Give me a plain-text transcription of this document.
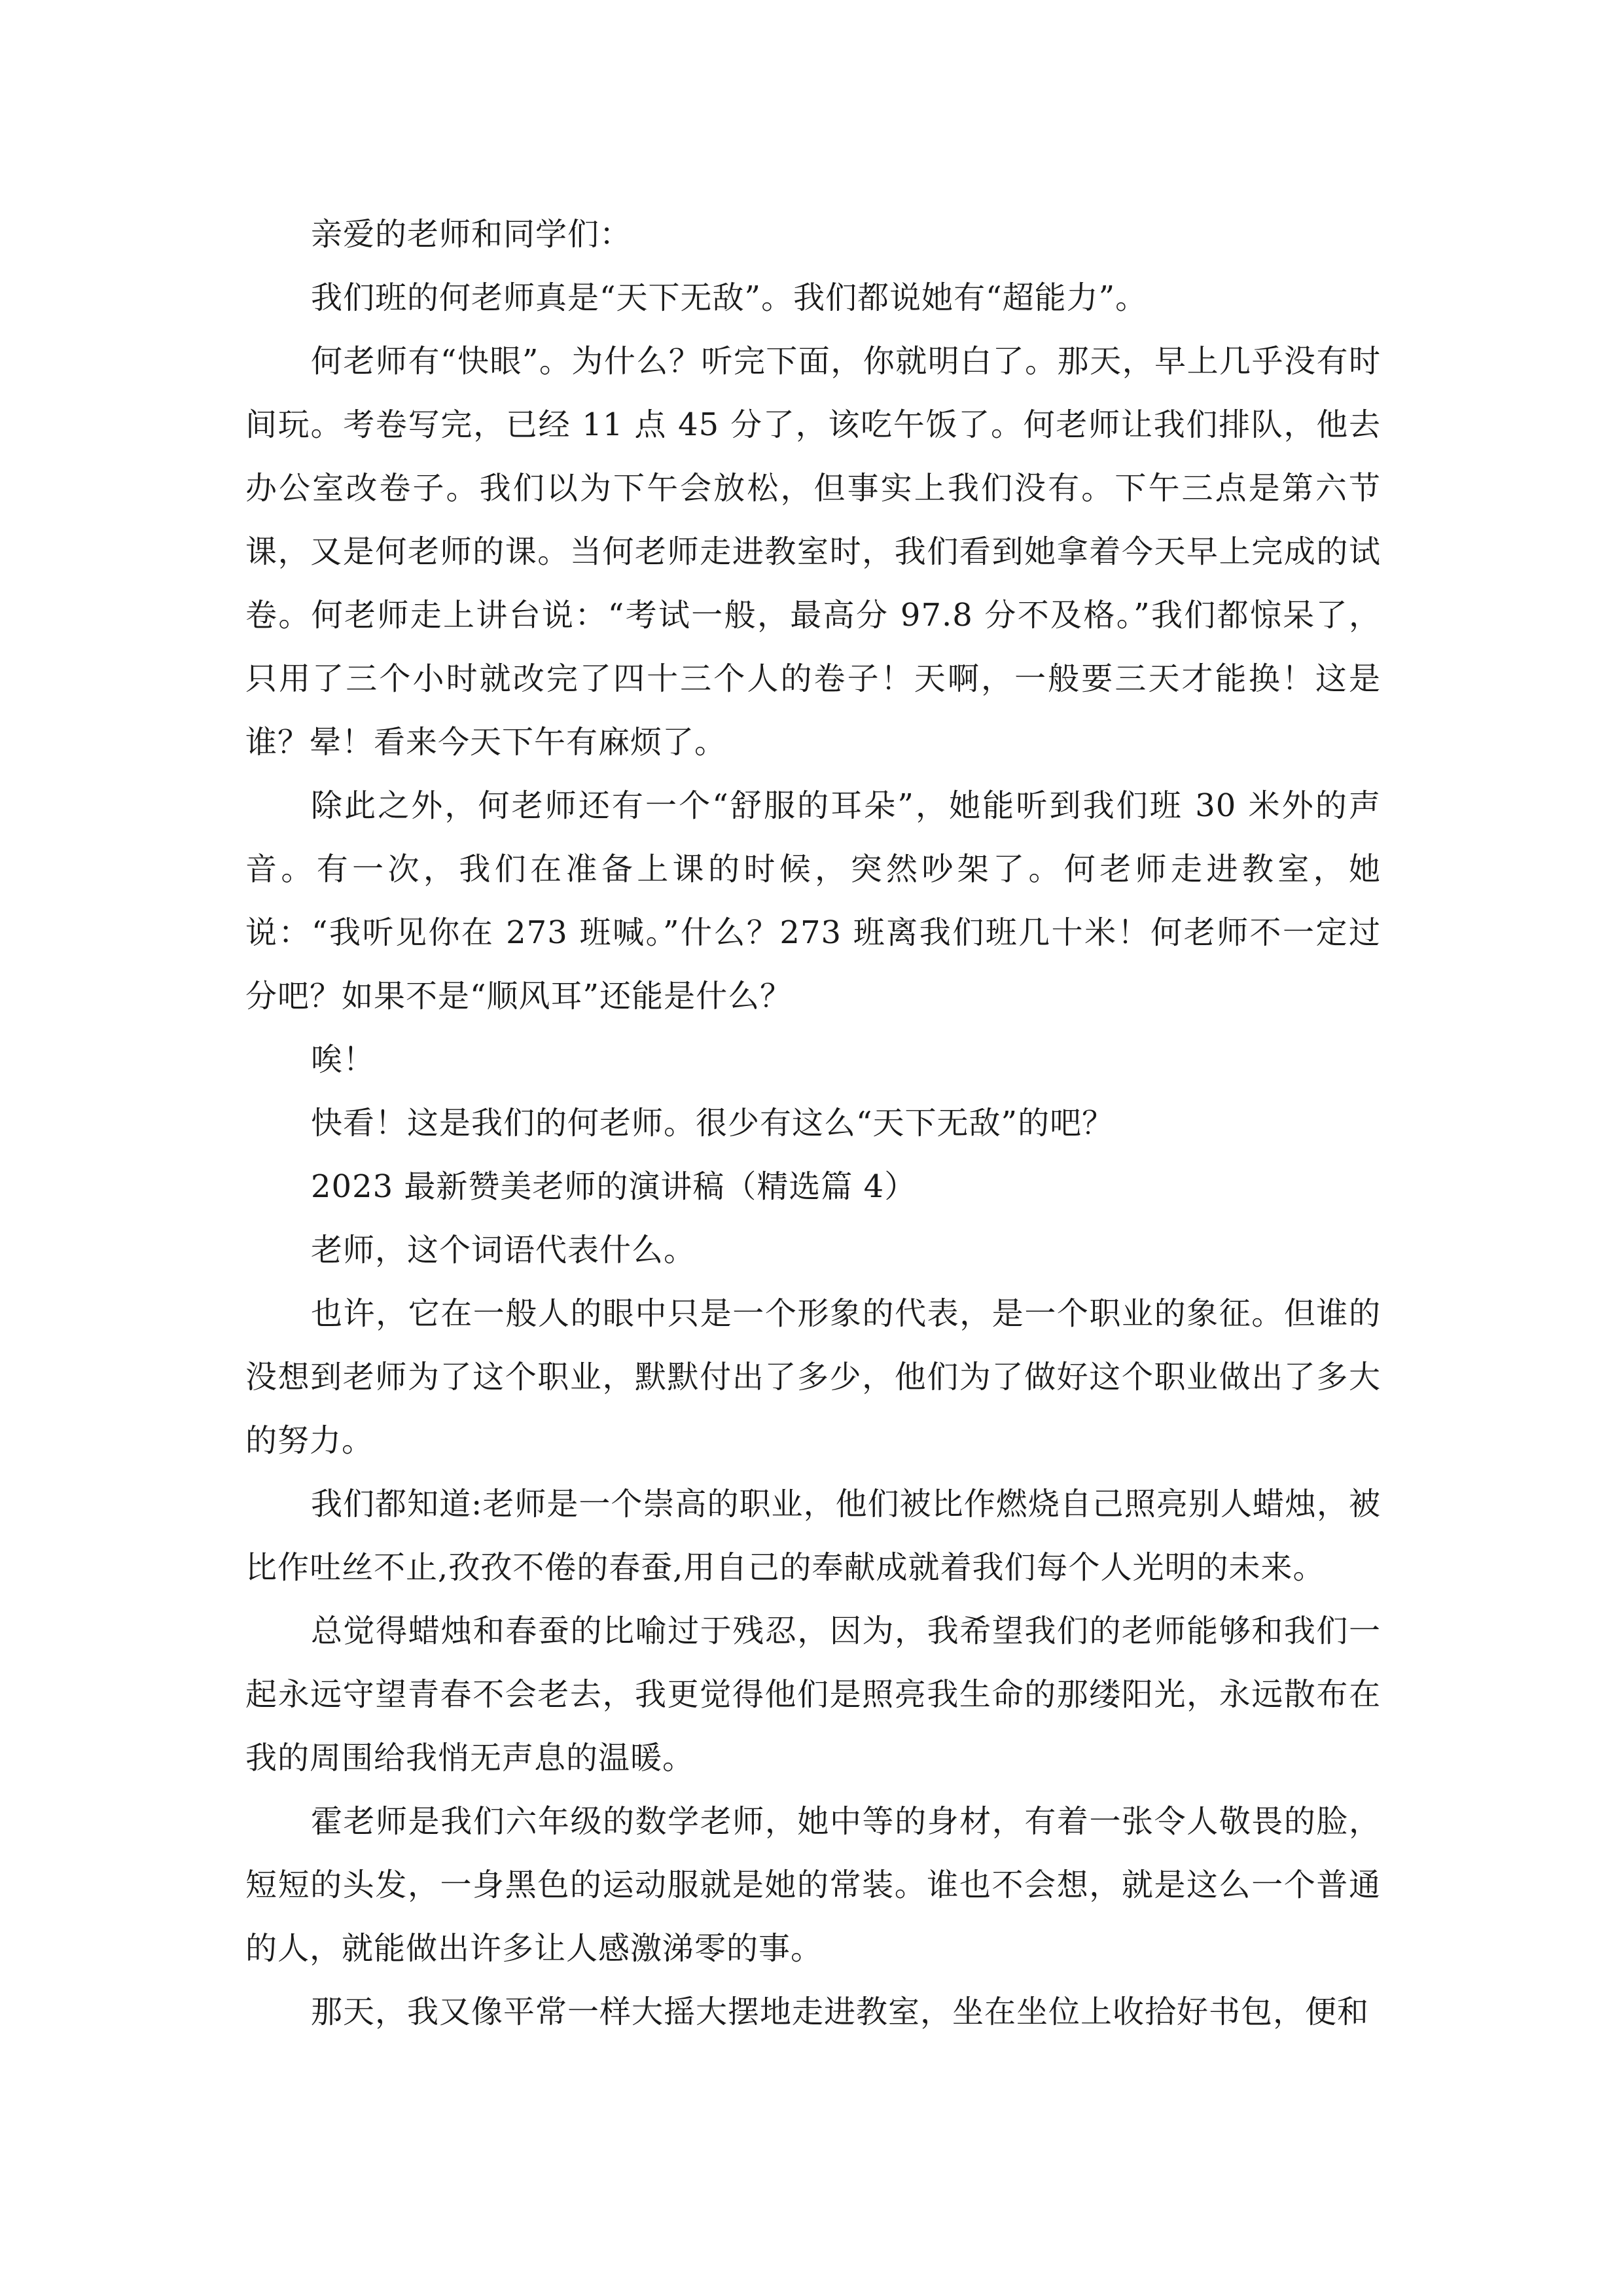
亲爱的老师和同学们：

我们班的何老师真是“天下无敌”。我们都说她有“超能力”。

何老师有“快眼”。为什么？听完下面，你就明白了。那天，早上几乎没有时间玩。考卷写完，已经 11 点 45 分了，该吃午饭了。何老师让我们排队，他去办公室改卷子。我们以为下午会放松，但事实上我们没有。下午三点是第六节课，又是何老师的课。当何老师走进教室时，我们看到她拿着今天早上完成的试卷。何老师走上讲台说：“考试一般，最高分 97.8 分不及格。”我们都惊呆了，只用了三个小时就改完了四十三个人的卷子！天啊，一般要三天才能换！这是谁？晕！看来今天下午有麻烦了。

除此之外，何老师还有一个“舒服的耳朵”，她能听到我们班 30 米外的声音。有一次，我们在准备上课的时候，突然吵架了。何老师走进教室，她说：“我听见你在 273 班喊。”什么？273 班离我们班几十米！何老师不一定过分吧？如果不是“顺风耳”还能是什么？

唉！

快看！这是我们的何老师。很少有这么“天下无敌”的吧？

2023 最新赞美老师的演讲稿（精选篇 4）

老师，这个词语代表什么。

也许，它在一般人的眼中只是一个形象的代表，是一个职业的象征。但谁的没想到老师为了这个职业，默默付出了多少，他们为了做好这个职业做出了多大的努力。

我们都知道:老师是一个崇高的职业，他们被比作燃烧自己照亮别人蜡烛，被比作吐丝不止,孜孜不倦的春蚕,用自己的奉献成就着我们每个人光明的未来。

总觉得蜡烛和春蚕的比喻过于残忍，因为，我希望我们的老师能够和我们一起永远守望青春不会老去，我更觉得他们是照亮我生命的那缕阳光，永远散布在我的周围给我悄无声息的温暖。

霍老师是我们六年级的数学老师，她中等的身材，有着一张令人敬畏的脸，短短的头发，一身黑色的运动服就是她的常装。谁也不会想，就是这么一个普通的人，就能做出许多让人感激涕零的事。

那天，我又像平常一样大摇大摆地走进教室，坐在坐位上收拾好书包，便和
